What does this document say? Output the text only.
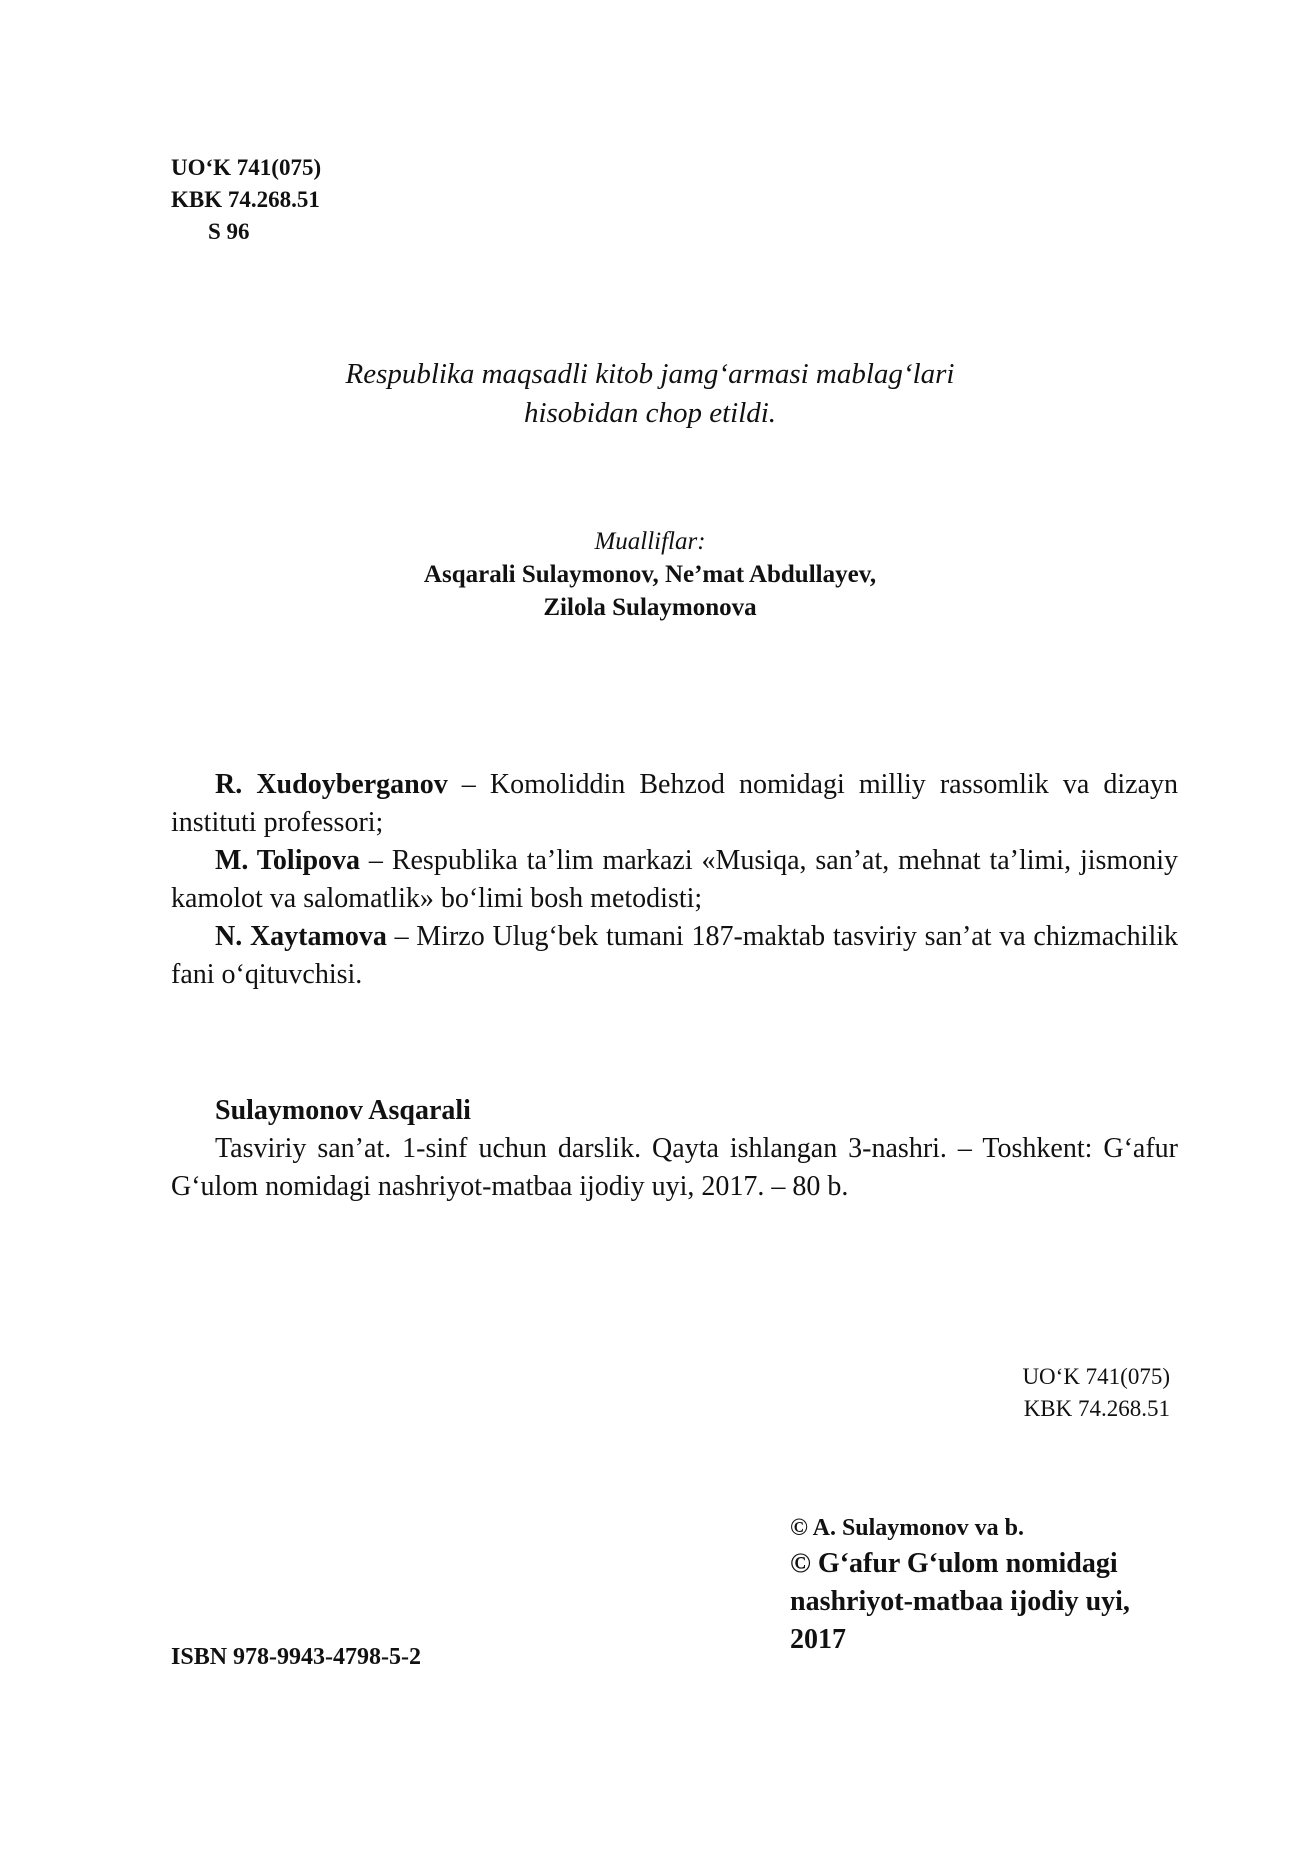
UO‘K 741(075)
KBK 74.268.51
S 96
Respublika maqsadli kitob jamg‘armasi mablag‘lari
hisobidan chop etildi.
Mualliflar:
Asqarali Sulaymonov, Ne’mat Abdullayev,
Zilola Sulaymonova
R. Xudoyberganov – Komoliddin Behzod nomidagi milliy rassomlik va dizayn instituti professori;
M. Tolipova – Respublika ta’lim markazi «Musiqa, san’at, mehnat ta’limi, jismoniy kamolot va salomatlik» bo‘limi bosh metodisti;
N. Xaytamova – Mirzo Ulug‘bek tumani 187-maktab tasviriy san’at va chizmachilik fani o‘qituvchisi.
Sulaymonov Asqarali
Tasviriy san’at. 1-sinf uchun darslik. Qayta ishlangan 3-nashri. – Toshkent: G‘afur G‘ulom nomidagi nashriyot-matbaa ijodiy uyi, 2017. – 80 b.
UO‘K 741(075)
KBK 74.268.51
© A. Sulaymonov va b.
© G‘afur G‘ulom nomidagi
nashriyot-matbaa ijodiy uyi,
2017
ISBN 978-9943-4798-5-2
